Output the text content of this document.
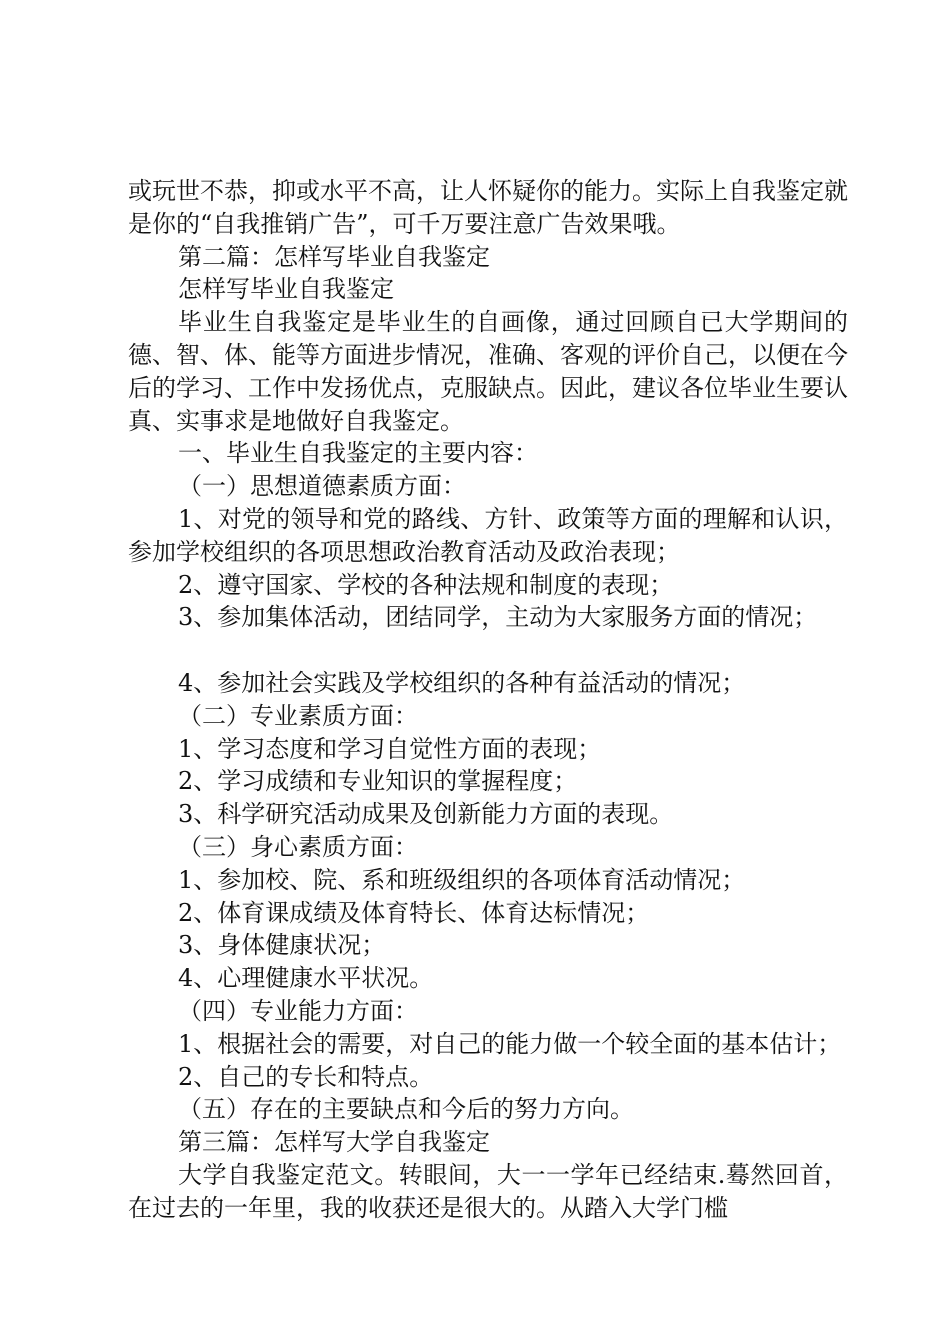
或玩世不恭，抑或水平不高，让人怀疑你的能力。实际上自我鉴定就是你的“自我推销广告”，可千万要注意广告效果哦。

第二篇：怎样写毕业自我鉴定

怎样写毕业自我鉴定

毕业生自我鉴定是毕业生的自画像，通过回顾自已大学期间的德、智、体、能等方面进步情况，准确、客观的评价自己，以便在今后的学习、工作中发扬优点，克服缺点。因此，建议各位毕业生要认真、实事求是地做好自我鉴定。

一、毕业生自我鉴定的主要内容：

（一）思想道德素质方面：

1、对党的领导和党的路线、方针、政策等方面的理解和认识，参加学校组织的各项思想政治教育活动及政治表现；

2、遵守国家、学校的各种法规和制度的表现；

3、参加集体活动，团结同学，主动为大家服务方面的情况；

4、参加社会实践及学校组织的各种有益活动的情况；

（二）专业素质方面：

1、学习态度和学习自觉性方面的表现；

2、学习成绩和专业知识的掌握程度；

3、科学研究活动成果及创新能力方面的表现。

（三）身心素质方面：

1、参加校、院、系和班级组织的各项体育活动情况；

2、体育课成绩及体育特长、体育达标情况；

3、身体健康状况；

4、心理健康水平状况。

（四）专业能力方面：

1、根据社会的需要，对自己的能力做一个较全面的基本估计；

2、自己的专长和特点。

（五）存在的主要缺点和今后的努力方向。

第三篇：怎样写大学自我鉴定

大学自我鉴定范文。转眼间，大一一学年已经结束.蓦然回首，在过去的一年里，我的收获还是很大的。从踏入大学门槛
